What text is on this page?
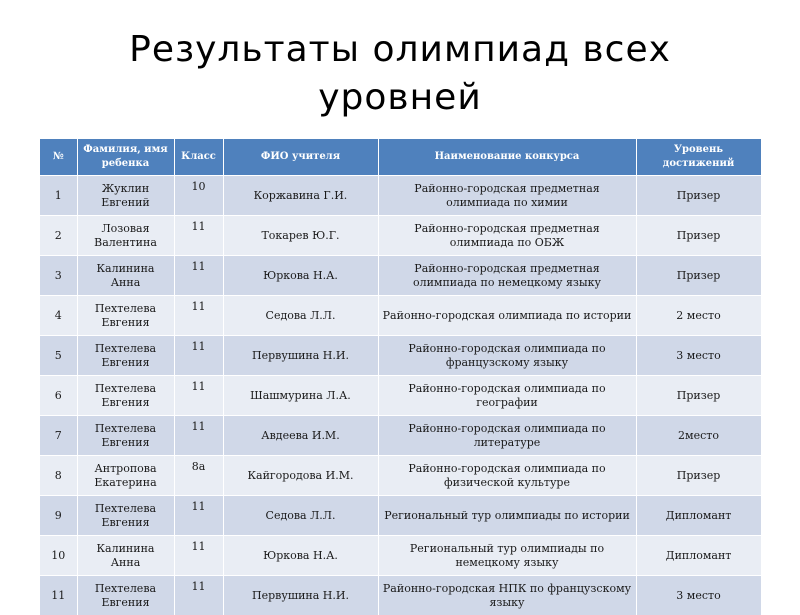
Результаты олимпиад всех
уровней
№	Фамилия, имя ребенка	Класс	ФИО учителя	Наименование конкурса	Уровень достижений
1	Жуклин Евгений	10	Коржавина Г.И.	Районно-городская предметная олимпиада по химии	Призер
2	Лозовая Валентина	11	Токарев Ю.Г.	Районно-городская предметная олимпиада по ОБЖ	Призер
3	Калинина Анна	11	Юркова Н.А.	Районно-городская предметная олимпиада по немецкому языку	Призер
4	Пехтелева Евгения	11	Седова Л.Л.	Районно-городская олимпиада по истории	2 место
5	Пехтелева Евгения	11	Первушина Н.И.	Районно-городская олимпиада по французскому языку	3 место
6	Пехтелева Евгения	11	Шашмурина Л.А.	Районно-городская олимпиада по географии	Призер
7	Пехтелева Евгения	11	Авдеева И.М.	Районно-городская олимпиада по литературе	2место
8	Антропова Екатерина	8а	Кайгородова И.М.	Районно-городская олимпиада по физической культуре	Призер
9	Пехтелева Евгения	11	Седова Л.Л.	Региональный тур олимпиады по истории	Дипломант
10	Калинина Анна	11	Юркова Н.А.	Региональный тур олимпиады по немецкому языку	Дипломант
11	Пехтелева Евгения	11	Первушина Н.И.	Районно-городская НПК по французскому языку	3 место
